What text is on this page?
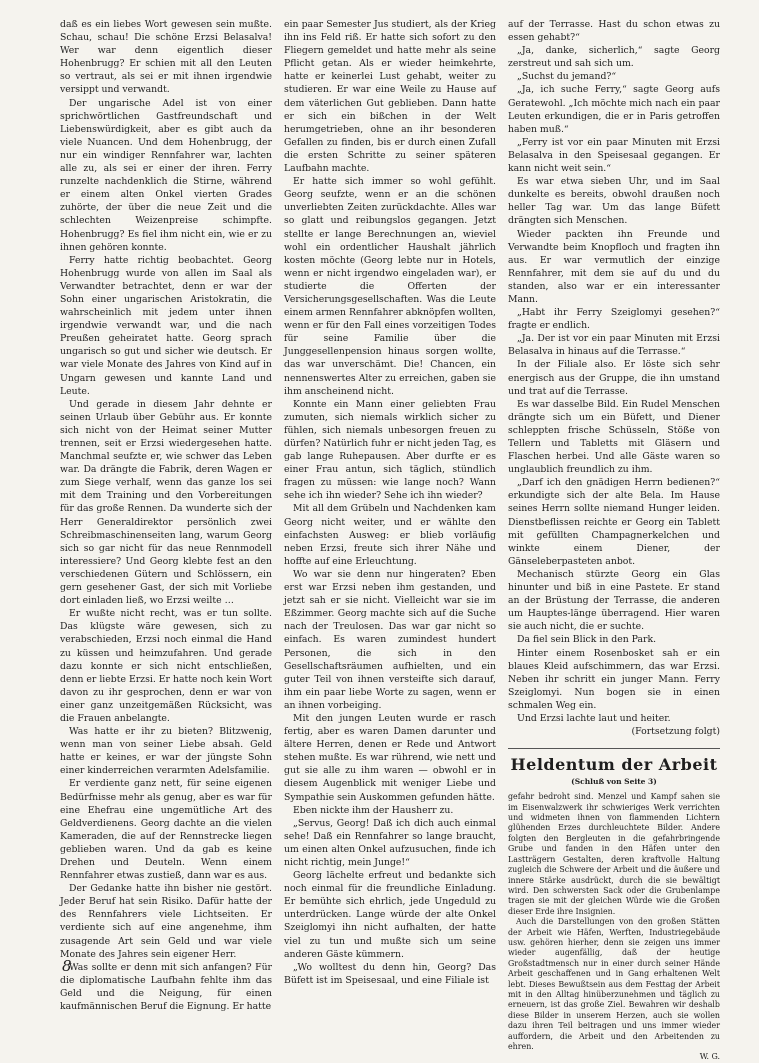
daß es ein liebes Wort gewesen sein mußte. Schau, schau! Die schöne Erzsi Belasalva! Wer war denn eigentlich dieser Hohenbrugg? Er schien mit all den Leuten so vertraut, als sei er mit ihnen irgendwie versippt und verwandt.

Der ungarische Adel ist von einer sprichwörtlichen Gastfreundschaft und Liebenswürdigkeit, aber es gibt auch da viele Nuancen. Und dem Hohenbrugg, der nur ein windiger Rennfahrer war, lachten alle zu, als sei er einer der ihren. Ferry runzelte nachdenklich die Stirne, während er einem alten Onkel vierten Grades zuhörte, der über die neue Zeit und die schlechten Weizenpreise schimpfte. Hohenbrugg? Es fiel ihm nicht ein, wie er zu ihnen gehören konnte.

Ferry hatte richtig beobachtet. Georg Hohenbrugg wurde von allen im Saal als Verwandter betrachtet, denn er war der Sohn einer ungarischen Aristokratin, die wahrscheinlich mit jedem unter ihnen irgendwie verwandt war, und die nach Preußen geheiratet hatte. Georg sprach ungarisch so gut und sicher wie deutsch. Er war viele Monate des Jahres von Kind auf in Ungarn gewesen und kannte Land und Leute.

Und gerade in diesem Jahr dehnte er seinen Urlaub über Gebühr aus. Er konnte sich nicht von der Heimat seiner Mutter trennen, seit er Erzsi wiedergesehen hatte. Manchmal seufzte er, wie schwer das Leben war. Da drängte die Fabrik, deren Wagen er zum Siege verhalf, wenn das ganze los sei mit dem Training und den Vorbereitungen für das große Rennen. Da wunderte sich der Herr Generaldirektor persönlich zwei Schreibmaschinenseiten lang, warum Georg sich so gar nicht für das neue Rennmodell interessiere? Und Georg klebte fest an den verschiedenen Gütern und Schlössern, ein gern gesehener Gast, der sich mit Vorliebe dort einladen ließ, wo Erzsi weilte …

Er wußte nicht recht, was er tun sollte. Das klügste wäre gewesen, sich zu verabschieden, Erzsi noch einmal die Hand zu küssen und heimzufahren. Und gerade dazu konnte er sich nicht entschließen, denn er liebte Erzsi. Er hatte noch kein Wort davon zu ihr gesprochen, denn er war von einer ganz unzeitgemäßen Rücksicht, was die Frauen anbelangte.

Was hatte er ihr zu bieten? Blitzwenig, wenn man von seiner Liebe absah. Geld hatte er keines, er war der jüngste Sohn einer kinderreichen verarmten Adelsfamilie.

Er verdiente ganz nett, für seine eigenen Bedürfnisse mehr als genug, aber es war für eine Ehefrau eine ungemütliche Art des Geldverdienens. Georg dachte an die vielen Kameraden, die auf der Rennstrecke liegen geblieben waren. Und da gab es keine Drehen und Deuteln. Wenn einem Rennfahrer etwas zustieß, dann war es aus.

Der Gedanke hatte ihn bisher nie gestört. Jeder Beruf hat sein Risiko. Dafür hatte der des Rennfahrers viele Lichtseiten. Er verdiente sich auf eine angenehme, ihm zusagende Art sein Geld und war viele Monate des Jahres sein eigener Herr.

Was sollte er denn mit sich anfangen? Für die diplomatische Laufbahn fehlte ihm das Geld und die Neigung, für einen kaufmännischen Beruf die Eignung. Er hatte

ein paar Semester Jus studiert, als der Krieg ihn ins Feld riß. Er hatte sich sofort zu den Fliegern gemeldet und hatte mehr als seine Pflicht getan. Als er wieder heimkehrte, hatte er keinerlei Lust gehabt, weiter zu studieren. Er war eine Weile zu Hause auf dem väterlichen Gut geblieben. Dann hatte er sich ein bißchen in der Welt herumgetrieben, ohne an ihr besonderen Gefallen zu finden, bis er durch einen Zufall die ersten Schritte zu seiner späteren Laufbahn machte.

Er hatte sich immer so wohl gefühlt. Georg seufzte, wenn er an die schönen unverliebten Zeiten zurückdachte. Alles war so glatt und reibungslos gegangen. Jetzt stellte er lange Berechnungen an, wieviel wohl ein ordentlicher Haushalt jährlich kosten möchte (Georg lebte nur in Hotels, wenn er nicht irgendwo eingeladen war), er studierte die Offerten der Versicherungsgesellschaften. Was die Leute einem armen Rennfahrer abknöpfen wollten, wenn er für den Fall eines vorzeitigen Todes für seine Familie über die Junggesellenpension hinaus sorgen wollte, das war unverschämt. Die! Chancen, ein nennenswertes Alter zu erreichen, gaben sie ihm anscheinend nicht.

Konnte ein Mann einer geliebten Frau zumuten, sich niemals wirklich sicher zu fühlen, sich niemals unbesorgen freuen zu dürfen? Natürlich fuhr er nicht jeden Tag, es gab lange Ruhepausen. Aber durfte er es einer Frau antun, sich täglich, stündlich fragen zu müssen: wie lange noch? Wann sehe ich ihn wieder? Sehe ich ihn wieder?

Mit all dem Grübeln und Nachdenken kam Georg nicht weiter, und er wählte den einfachsten Ausweg: er blieb vorläufig neben Erzsi, freute sich ihrer Nähe und hoffte auf eine Erleuchtung.

Wo war sie denn nur hingeraten? Eben erst war Erzsi neben ihm gestanden, und jetzt sah er sie nicht. Vielleicht war sie im Eßzimmer. Georg machte sich auf die Suche nach der Treulosen. Das war gar nicht so einfach. Es waren zumindest hundert Personen, die sich in den Gesellschaftsräumen aufhielten, und ein guter Teil von ihnen versteifte sich darauf, ihm ein paar liebe Worte zu sagen, wenn er an ihnen vorbeiging.

Mit den jungen Leuten wurde er rasch fertig, aber es waren Damen darunter und ältere Herren, denen er Rede und Antwort stehen mußte. Es war rührend, wie nett und gut sie alle zu ihm waren — obwohl er in diesem Augenblick mit weniger Liebe und Sympathie sein Auskommen gefunden hätte.

Eben nickte ihm der Hausherr zu.

„Servus, Georg! Daß ich dich auch einmal sehe! Daß ein Rennfahrer so lange braucht, um einen alten Onkel aufzusuchen, finde ich nicht richtig, mein Junge!“

Georg lächelte erfreut und bedankte sich noch einmal für die freundliche Einladung. Er bemühte sich ehrlich, jede Ungeduld zu unterdrücken. Lange würde der alte Onkel Szeiglomyi ihn nicht aufhalten, der hatte viel zu tun und mußte sich um seine anderen Gäste kümmern.

„Wo wolltest du denn hin, Georg? Das Büfett ist im Speisesaal, und eine Filiale ist

auf der Terrasse. Hast du schon etwas zu essen gehabt?“

„Ja, danke, sicherlich,“ sagte Georg zerstreut und sah sich um.

„Suchst du jemand?“

„Ja, ich suche Ferry,“ sagte Georg aufs Geratewohl. „Ich möchte mich nach ein paar Leuten erkundigen, die er in Paris getroffen haben muß.“

„Ferry ist vor ein paar Minuten mit Erzsi Belasalva in den Speisesaal gegangen. Er kann nicht weit sein.“

Es war etwa sieben Uhr, und im Saal dunkelte es bereits, obwohl draußen noch heller Tag war. Um das lange Büfett drängten sich Menschen.

Wieder packten ihn Freunde und Verwandte beim Knopfloch und fragten ihn aus. Er war vermutlich der einzige Rennfahrer, mit dem sie auf du und du standen, also war er ein interessanter Mann.

„Habt ihr Ferry Szeiglomyi gesehen?“ fragte er endlich.

„Ja. Der ist vor ein paar Minuten mit Erzsi Belasalva in hinaus auf die Terrasse.“

In der Filiale also. Er löste sich sehr energisch aus der Gruppe, die ihn umstand und trat auf die Terrasse.

Es war dasselbe Bild. Ein Rudel Menschen drängte sich um ein Büfett, und Diener schleppten frische Schüsseln, Stöße von Tellern und Tabletts mit Gläsern und Flaschen herbei. Und alle Gäste waren so unglaublich freundlich zu ihm.

„Darf ich den gnädigen Herrn bedienen?“ erkundigte sich der alte Bela. Im Hause seines Herrn sollte niemand Hunger leiden. Dienstbeflissen reichte er Georg ein Tablett mit gefüllten Champagnerkelchen und winkte einem Diener, der Gänseleberpasteten anbot.

Mechanisch stürzte Georg ein Glas hinunter und biß in eine Pastete. Er stand an der Brüstung der Terrasse, die anderen um Hauptes-länge überragend. Hier waren sie auch nicht, die er suchte.

Da fiel sein Blick in den Park.

Hinter einem Rosenbosket sah er ein blaues Kleid aufschimmern, das war Erzsi. Neben ihr schritt ein junger Mann. Ferry Szeiglomyi. Nun bogen sie in einen schmalen Weg ein.

Und Erzsi lachte laut und heiter.

(Fortsetzung folgt)

Heldentum der Arbeit
(Schluß von Seite 3)

gefahr bedroht sind. Menzel und Kampf sahen sie im Eisenwalzwerk ihr schwieriges Werk verrichten und widmeten ihnen von flammenden Lichtern glühenden Erzes durchleuchtete Bilder. Andere folgten den Bergleuten in die gefahrbringende Grube und fanden in den Häfen unter den Lastträgern Gestalten, deren kraftvolle Haltung zugleich die Schwere der Arbeit und die äußere und innere Stärke ausdrückt, durch die sie bewältigt wird. Den schwersten Sack oder die Grubenlampe tragen sie mit der gleichen Würde wie die Großen dieser Erde ihre Insignien.

Auch die Darstellungen von den großen Stätten der Arbeit wie Häfen, Werften, Industriegebäude usw. gehören hierher, denn sie zeigen uns immer wieder augenfällig, daß der heutige Großstadtmensch nur in einer durch seiner Hände Arbeit geschaffenen und in Gang erhaltenen Welt lebt. Dieses Bewußtsein aus dem Festtag der Arbeit mit in den Alltag hinüberzunehmen und täglich zu erneuern, ist das große Ziel. Bewahren wir deshalb diese Bilder in unserem Herzen, auch sie wollen dazu ihren Teil beitragen und uns immer wieder auffordern, die Arbeit und den Arbeitenden zu ehren.

W. G.

8
